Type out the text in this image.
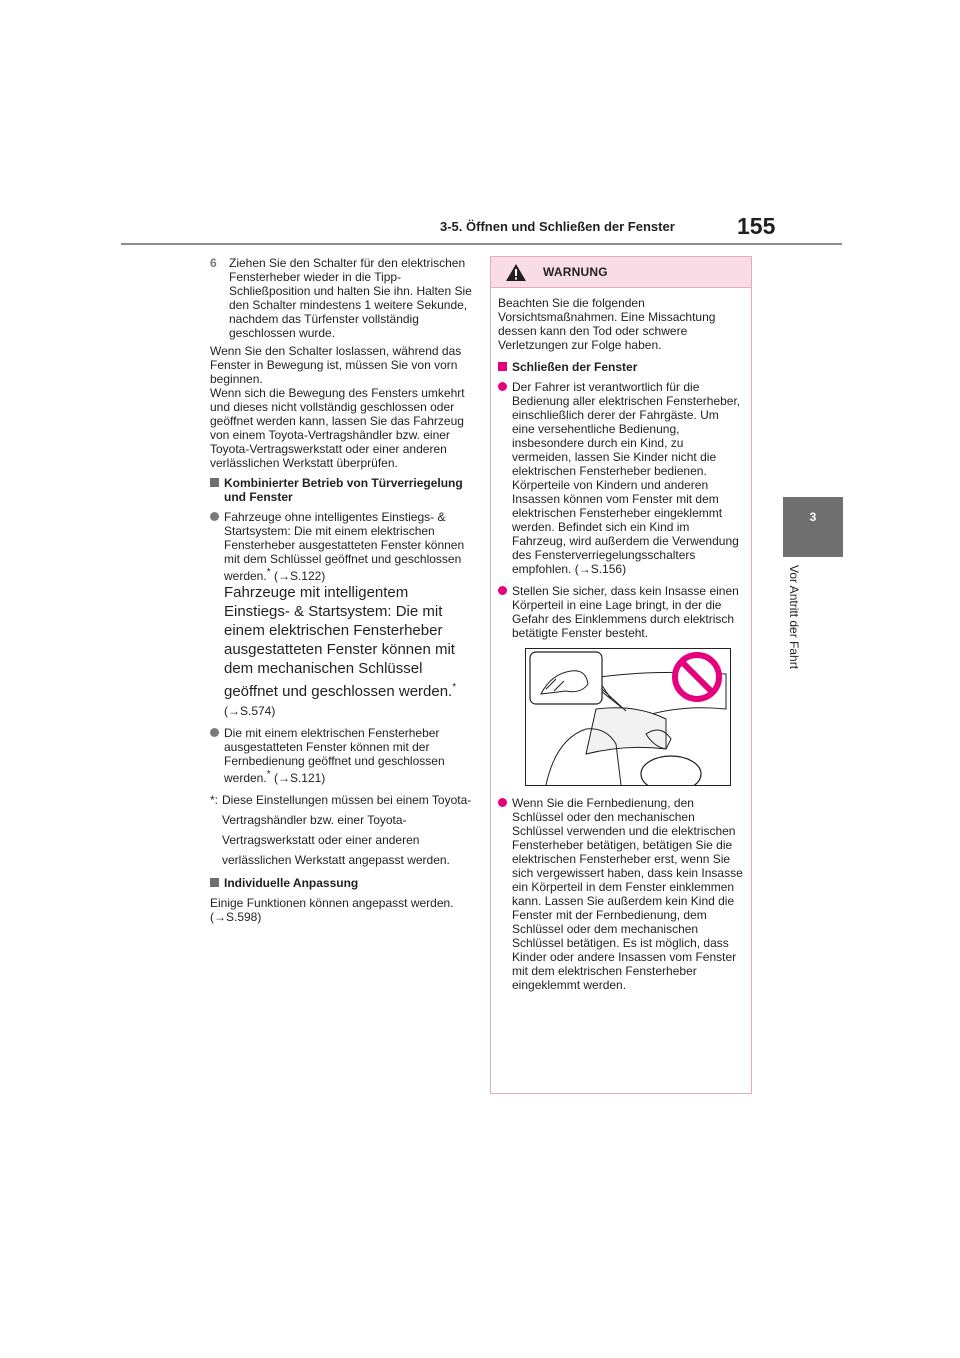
3-5. Öffnen und Schließen der Fenster	155
3
Vor Antritt der Fahrt
6 Ziehen Sie den Schalter für den elektrischen Fensterheber wieder in die Tipp-Schließposition und halten Sie ihn. Halten Sie den Schalter mindestens 1 weitere Sekunde, nachdem das Türfenster vollständig geschlossen wurde.

Wenn Sie den Schalter loslassen, während das Fenster in Bewegung ist, müssen Sie von vorn beginnen.

Wenn sich die Bewegung des Fensters umkehrt und dieses nicht vollständig geschlossen oder geöffnet werden kann, lassen Sie das Fahrzeug von einem Toyota-Vertragshändler bzw. einer Toyota-Vertragswerkstatt oder einer anderen verlässlichen Werkstatt überprüfen.

Kombinierter Betrieb von Türverriegelung und Fenster
Fahrzeuge ohne intelligentes Einstiegs- & Startsystem: Die mit einem elektrischen Fensterheber ausgestatteten Fenster können mit dem Schlüssel geöffnet und geschlossen werden.* (→S.122)
Fahrzeuge mit intelligentem Einstiegs- & Startsystem: Die mit einem elektrischen Fensterheber ausgestatteten Fenster können mit dem mechanischen Schlüssel geöffnet und geschlossen werden.* (→S.574)
Die mit einem elektrischen Fensterheber ausgestatteten Fenster können mit der Fernbedienung geöffnet und geschlossen werden.* (→S.121)
*: Diese Einstellungen müssen bei einem Toyota-Vertragshändler bzw. einer Toyota-Vertragswerkstatt oder einer anderen verlässlichen Werkstatt angepasst werden.
Individuelle Anpassung

Einige Funktionen können angepasst werden. (→S.598)

WARNUNG

Beachten Sie die folgenden Vorsichtsmaßnahmen. Eine Missachtung dessen kann den Tod oder schwere Verletzungen zur Folge haben.

Schließen der Fenster
Der Fahrer ist verantwortlich für die Bedienung aller elektrischen Fensterheber, einschließlich derer der Fahrgäste. Um eine versehentliche Bedienung, insbesondere durch ein Kind, zu vermeiden, lassen Sie Kinder nicht die elektrischen Fensterheber bedienen. Körperteile von Kindern und anderen Insassen können vom Fenster mit dem elektrischen Fensterheber eingeklemmt werden. Befindet sich ein Kind im Fahrzeug, wird außerdem die Verwendung des Fensterverriegelungsschalters empfohlen. (→S.156)
Stellen Sie sicher, dass kein Insasse einen Körperteil in eine Lage bringt, in der die Gefahr des Einklemmens durch elektrisch betätigte Fenster besteht.
Wenn Sie die Fernbedienung, den Schlüssel oder den mechanischen Schlüssel verwenden und die elektrischen Fensterheber betätigen, betätigen Sie die elektrischen Fensterheber erst, wenn Sie sich vergewissert haben, dass kein Insasse ein Körperteil in dem Fenster einklemmen kann. Lassen Sie außerdem kein Kind die Fenster mit der Fernbedienung, dem Schlüssel oder dem mechanischen Schlüssel betätigen. Es ist möglich, dass Kinder oder andere Insassen vom Fenster mit dem elektrischen Fensterheber eingeklemmt werden.
